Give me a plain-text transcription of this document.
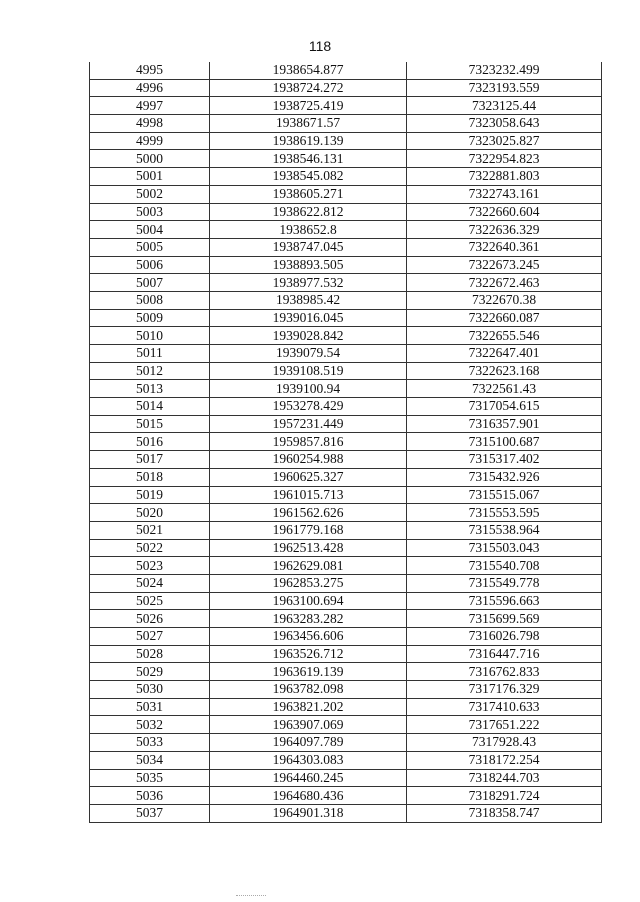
118
4995	1938654.877	7323232.499
4996	1938724.272	7323193.559
4997	1938725.419	7323125.44
4998	1938671.57	7323058.643
4999	1938619.139	7323025.827
5000	1938546.131	7322954.823
5001	1938545.082	7322881.803
5002	1938605.271	7322743.161
5003	1938622.812	7322660.604
5004	1938652.8	7322636.329
5005	1938747.045	7322640.361
5006	1938893.505	7322673.245
5007	1938977.532	7322672.463
5008	1938985.42	7322670.38
5009	1939016.045	7322660.087
5010	1939028.842	7322655.546
5011	1939079.54	7322647.401
5012	1939108.519	7322623.168
5013	1939100.94	7322561.43
5014	1953278.429	7317054.615
5015	1957231.449	7316357.901
5016	1959857.816	7315100.687
5017	1960254.988	7315317.402
5018	1960625.327	7315432.926
5019	1961015.713	7315515.067
5020	1961562.626	7315553.595
5021	1961779.168	7315538.964
5022	1962513.428	7315503.043
5023	1962629.081	7315540.708
5024	1962853.275	7315549.778
5025	1963100.694	7315596.663
5026	1963283.282	7315699.569
5027	1963456.606	7316026.798
5028	1963526.712	7316447.716
5029	1963619.139	7316762.833
5030	1963782.098	7317176.329
5031	1963821.202	7317410.633
5032	1963907.069	7317651.222
5033	1964097.789	7317928.43
5034	1964303.083	7318172.254
5035	1964460.245	7318244.703
5036	1964680.436	7318291.724
5037	1964901.318	7318358.747
